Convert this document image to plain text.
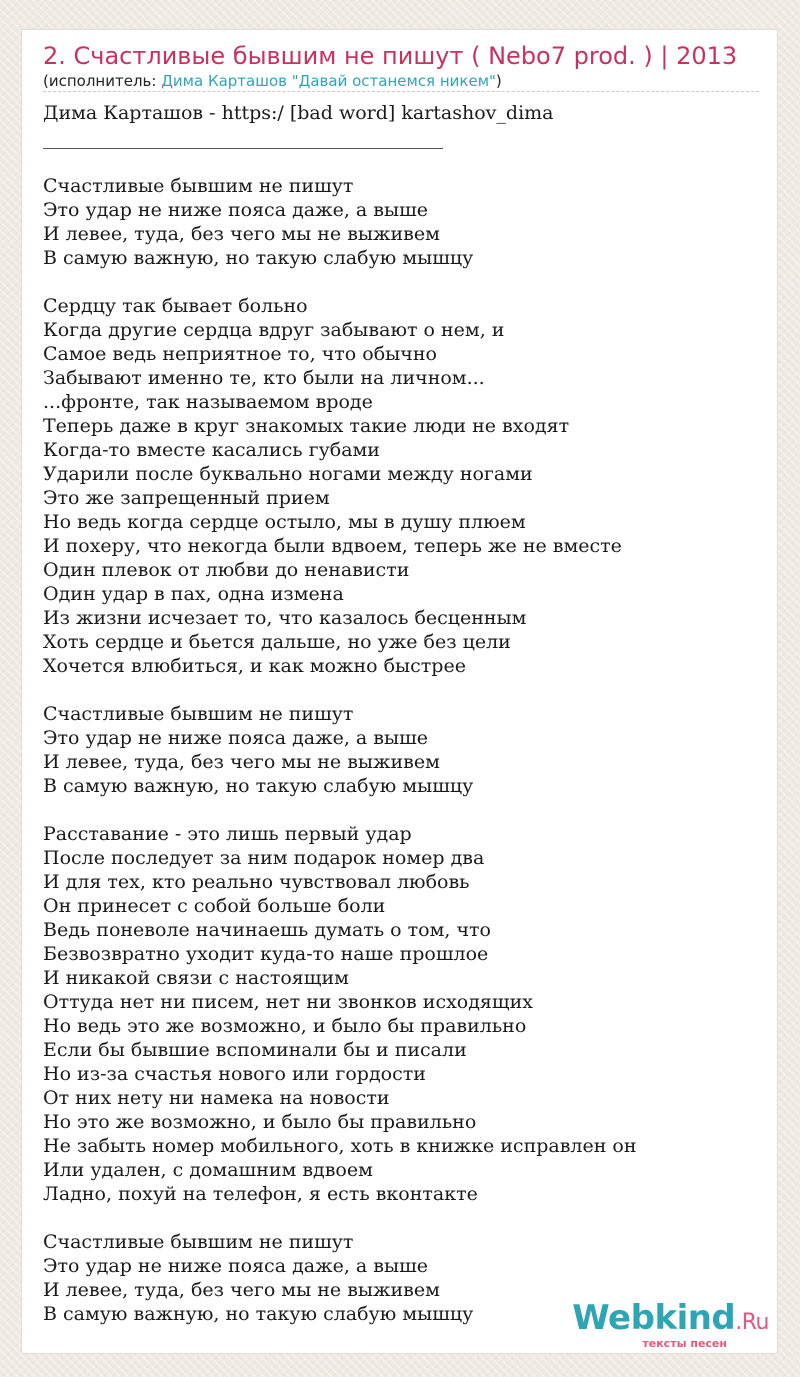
2. Счастливые бывшим не пишут ( Nebo7 prod. ) | 2013
(исполнитель: Дима Карташов "Давай останемся никем")
Дима Карташов - https:/ [bad word] kartashov_dima
Счастливые бывшим не пишут
Это удар не ниже пояса даже, а выше
И левее, туда, без чего мы не выживем
В самую важную, но такую слабую мышцу
Сердцу так бывает больно
Когда другие сердца вдруг забывают о нем, и
Самое ведь неприятное то, что обычно
Забывают именно те, кто были на личном...
...фронте, так называемом вроде
Теперь даже в круг знакомых такие люди не входят
Когда-то вместе касались губами
Ударили после буквально ногами между ногами
Это же запрещенный прием
Но ведь когда сердце остыло, мы в душу плюем
И похеру, что некогда были вдвоем, теперь же не вместе
Один плевок от любви до ненависти
Один удар в пах, одна измена
Из жизни исчезает то, что казалось бесценным
Хоть сердце и бьется дальше, но уже без цели
Хочется влюбиться, и как можно быстрее
Счастливые бывшим не пишут
Это удар не ниже пояса даже, а выше
И левее, туда, без чего мы не выживем
В самую важную, но такую слабую мышцу
Расставание - это лишь первый удар
После последует за ним подарок номер два
И для тех, кто реально чувствовал любовь
Он принесет с собой больше боли
Ведь поневоле начинаешь думать о том, что
Безвозвратно уходит куда-то наше прошлое
И никакой связи с настоящим
Оттуда нет ни писем, нет ни звонков исходящих
Но ведь это же возможно, и было бы правильно
Если бы бывшие вспоминали бы и писали
Но из-за счастья нового или гордости
От них нету ни намека на новости
Но это же возможно, и было бы правильно
Не забыть номер мобильного, хоть в книжке исправлен он
Или удален, с домашним вдвоем
Ладно, похуй на телефон, я есть вконтакте
Счастливые бывшим не пишут
Это удар не ниже пояса даже, а выше
И левее, туда, без чего мы не выживем
В самую важную, но такую слабую мышцу	Webkind.Ru
тексты песен
